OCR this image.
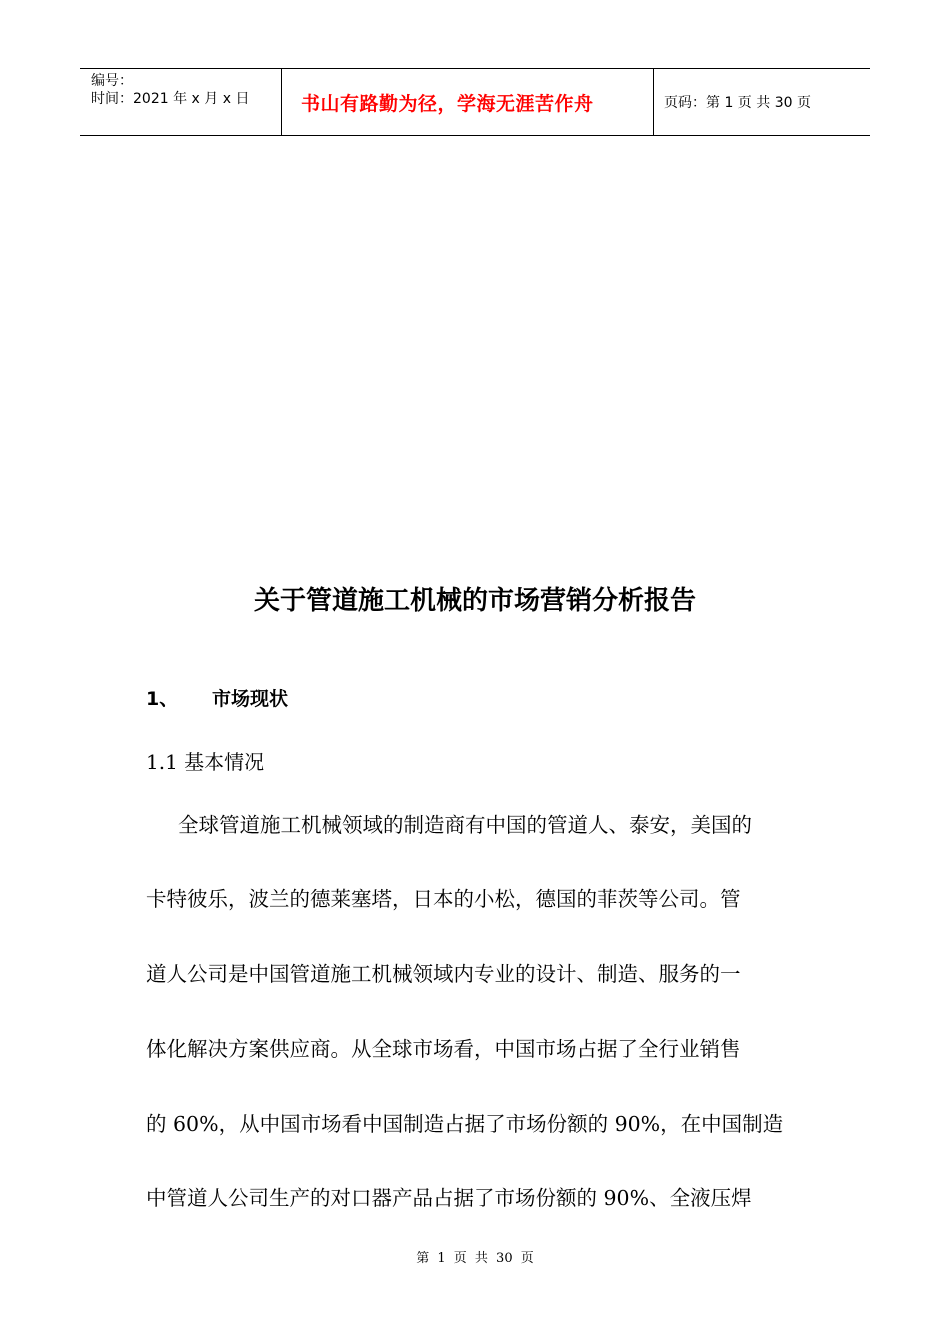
编号：
时间：2021 年 x 月 x 日	书山有路勤为径，学海无涯苦作舟	页码：第 1 页 共 30 页
关于管道施工机械的市场营销分析报告
1、 市场现状
1.1 基本情况
全球管道施工机械领域的制造商有中国的管道人、泰安，美国的
卡特彼乐，波兰的德莱塞塔，日本的小松，德国的菲茨等公司。管
道人公司是中国管道施工机械领域内专业的设计、制造、服务的一
体化解决方案供应商。从全球市场看，中国市场占据了全行业销售
的 60%，从中国市场看中国制造占据了市场份额的 90%，在中国制造
中管道人公司生产的对口器产品占据了市场份额的 90%、全液压焊
第 1 页 共 30 页
